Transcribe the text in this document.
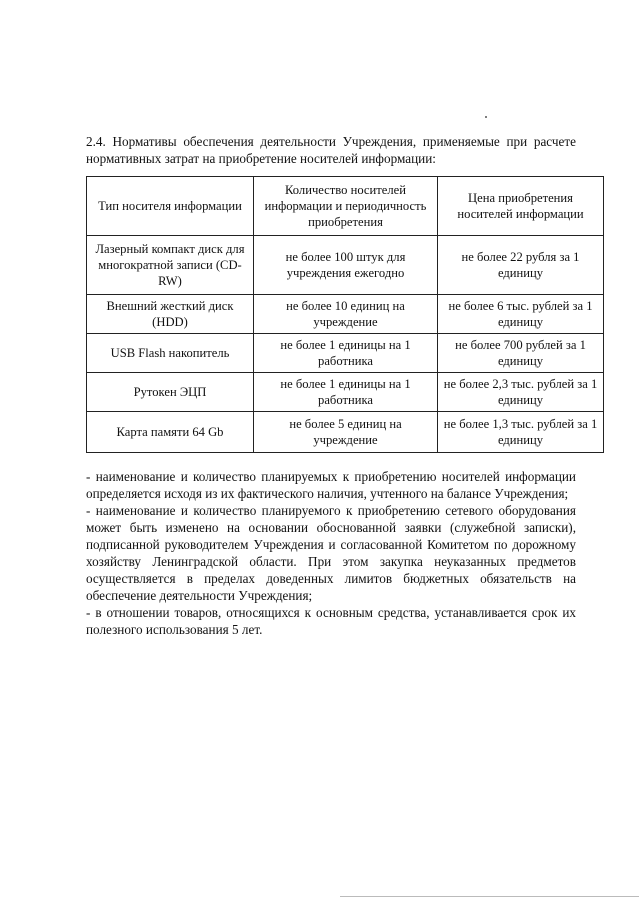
2.4. Нормативы обеспечения деятельности Учреждения, применяемые при расчете нормативных затрат на приобретение носителей информации:
Тип носителя информации	Количество носителей информации и периодичность приобретения	Цена приобретения носителей информации
Лазерный компакт диск для многократной записи (CD-RW)	не более 100 штук для учреждения ежегодно	не более 22 рубля за 1 единицу
Внешний жесткий диск (HDD)	не более 10 единиц на учреждение	не более 6 тыс. рублей за 1 единицу
USB Flash накопитель	не более 1 единицы на 1 работника	не более 700 рублей за 1 единицу
Рутокен ЭЦП	не более 1 единицы на 1 работника	не более 2,3 тыс. рублей за 1 единицу
Карта памяти 64 Gb	не более 5 единиц на учреждение	не более 1,3 тыс. рублей за 1 единицу

- наименование и количество планируемых к приобретению носителей информации определяется исходя из их фактического наличия, учтенного на балансе Учреждения;

- наименование и количество планируемого к приобретению сетевого оборудования может быть изменено на основании обоснованной заявки (служебной записки), подписанной руководителем Учреждения и согласованной Комитетом по дорожному хозяйству Ленинградской области. При этом закупка неуказанных предметов осуществляется в пределах доведенных лимитов бюджетных обязательств на обеспечение деятельности Учреждения;

- в отношении товаров, относящихся к основным средства, устанавливается срок их полезного использования 5 лет.
